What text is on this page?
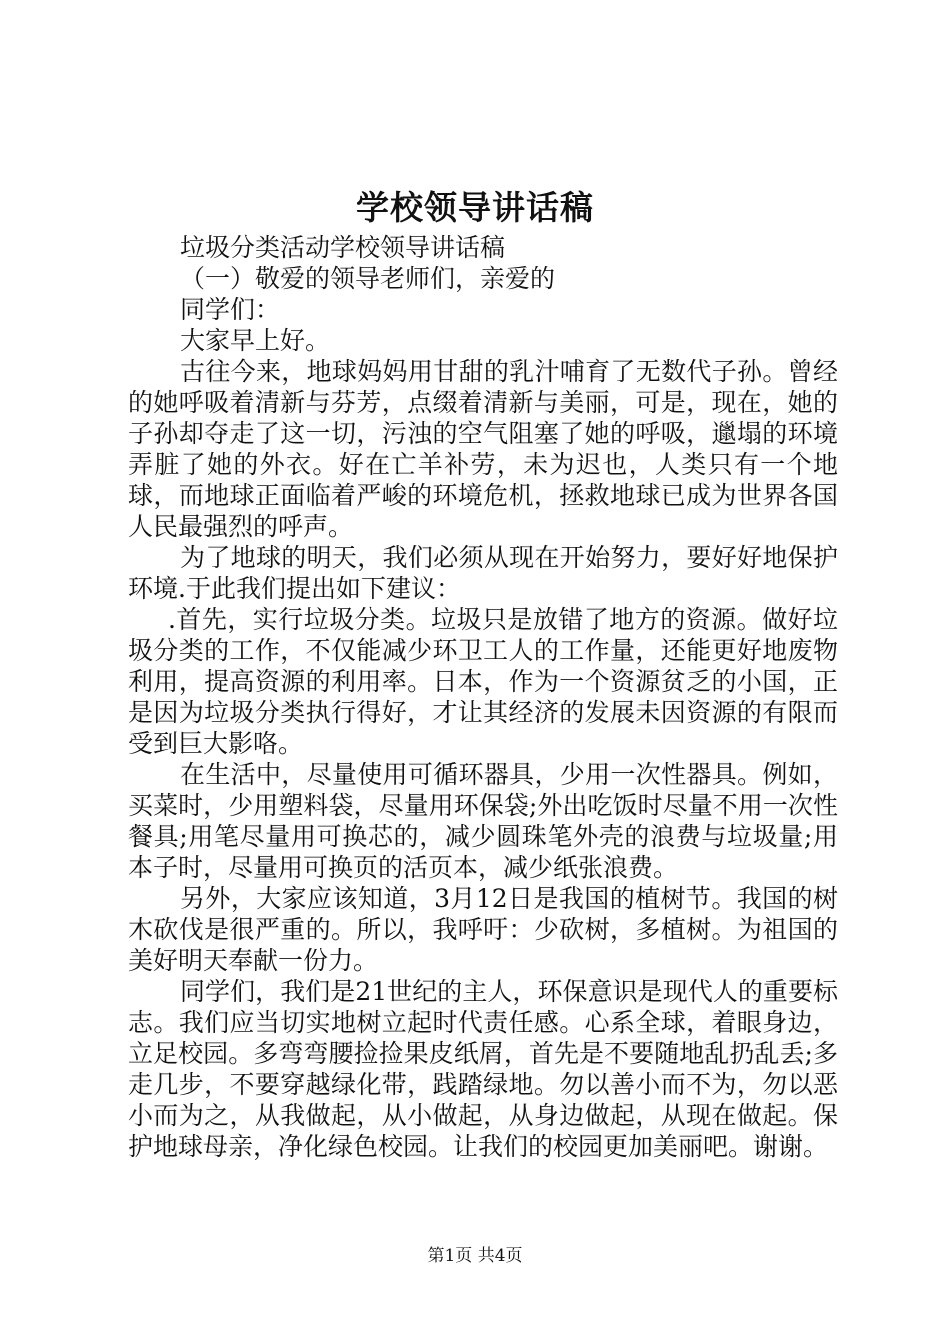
学校领导讲话稿

垃圾分类活动学校领导讲话稿

（一）敬爱的领导老师们，亲爱的

同学们：

大家早上好。

古往今来，地球妈妈用甘甜的乳汁哺育了无数代子孙。曾经的她呼吸着清新与芬芳，点缀着清新与美丽，可是，现在，她的子孙却夺走了这一切，污浊的空气阻塞了她的呼吸，邋塌的环境弄脏了她的外衣。好在亡羊补劳，未为迟也，人类只有一个地球，而地球正面临着严峻的环境危机，拯救地球已成为世界各国人民最强烈的呼声。

为了地球的明天，我们必须从现在开始努力，要好好地保护环境.于此我们提出如下建议：

.首先，实行垃圾分类。垃圾只是放错了地方的资源。做好垃圾分类的工作，不仅能减少环卫工人的工作量，还能更好地废物利用，提高资源的利用率。日本，作为一个资源贫乏的小国，正是因为垃圾分类执行得好，才让其经济的发展未因资源的有限而受到巨大影咯。

在生活中，尽量使用可循环器具，少用一次性器具。例如，买菜时，少用塑料袋，尽量用环保袋;外出吃饭时尽量不用一次性餐具;用笔尽量用可换芯的，减少圆珠笔外壳的浪费与垃圾量;用本子时，尽量用可换页的活页本，减少纸张浪费。

另外，大家应该知道，3月12日是我国的植树节。我国的树木砍伐是很严重的。所以，我呼吁：少砍树，多植树。为祖国的美好明天奉献一份力。

同学们，我们是21世纪的主人，环保意识是现代人的重要标志。我们应当切实地树立起时代责任感。心系全球，着眼身边，立足校园。多弯弯腰捡捡果皮纸屑，首先是不要随地乱扔乱丢;多走几步，不要穿越绿化带，践踏绿地。勿以善小而不为，勿以恶小而为之，从我做起，从小做起，从身边做起，从现在做起。保护地球母亲，净化绿色校园。让我们的校园更加美丽吧。谢谢。

第1页 共4页
